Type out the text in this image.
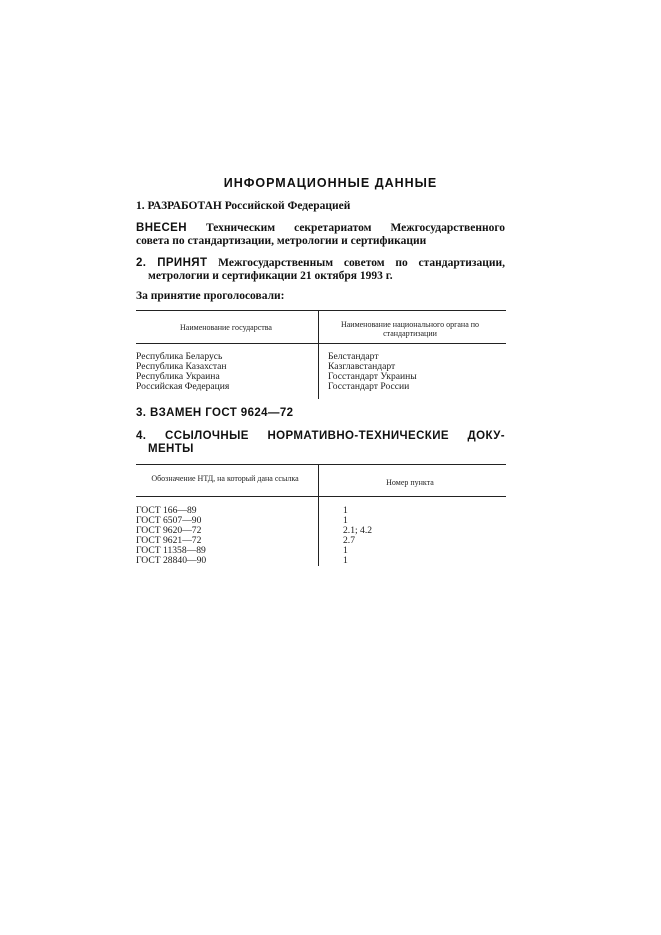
ИНФОРМАЦИОННЫЕ ДАННЫЕ
1. РАЗРАБОТАН Российской Федерацией
ВНЕСЕН Техническим секретариатом Межгосударственного
совета по стандартизации, метрологии и сертификации
2. ПРИНЯТ Межгосударственным советом по стандартизации,
метрологии и сертификации 21 октября 1993 г.
За принятие проголосовали:
Наименование государства	Наименование национального органа по стандартизации
Республика Беларусь	Белстандарт
Республика Казахстан	Казглавстандарт
Республика Украина	Госстандарт Украины
Российская Федерация	Госстандарт России
3. ВЗАМЕН ГОСТ 9624—72
4. ССЫЛОЧНЫЕ НОРМАТИВНО-ТЕХНИЧЕСКИЕ ДОКУ-
МЕНТЫ
Обозначение НТД, на который дана ссылка	Номер пункта
ГОСТ 166—89	1
ГОСТ 6507—90	1
ГОСТ 9620—72	2.1; 4.2
ГОСТ 9621—72	2.7
ГОСТ 11358—89	1
ГОСТ 28840—90	1
